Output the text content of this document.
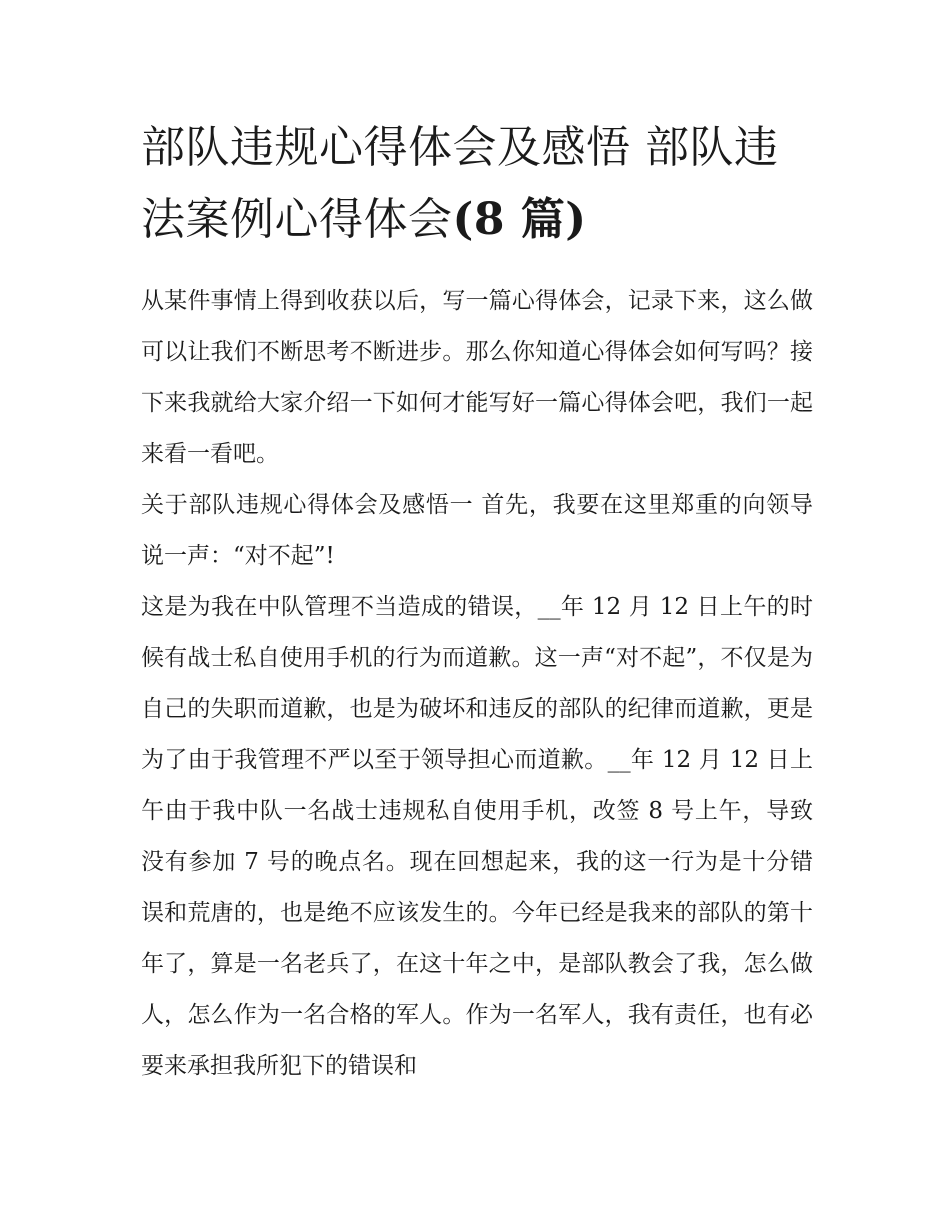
部队违规心得体会及感悟 部队违法案例心得体会(8 篇)

从某件事情上得到收获以后，写一篇心得体会，记录下来，这么做可以让我们不断思考不断进步。那么你知道心得体会如何写吗？接下来我就给大家介绍一下如何才能写好一篇心得体会吧，我们一起来看一看吧。

关于部队违规心得体会及感悟一 首先，我要在这里郑重的向领导说一声：“对不起”!

这是为我在中队管理不当造成的错误，__年 12 月 12 日上午的时候有战士私自使用手机的行为而道歉。这一声“对不起”，不仅是为自己的失职而道歉，也是为破坏和违反的部队的纪律而道歉，更是为了由于我管理不严以至于领导担心而道歉。__年 12 月 12 日上午由于我中队一名战士违规私自使用手机，改签 8 号上午，导致没有参加 7 号的晚点名。现在回想起来，我的这一行为是十分错误和荒唐的，也是绝不应该发生的。今年已经是我来的部队的第十年了，算是一名老兵了，在这十年之中，是部队教会了我，怎么做人，怎么作为一名合格的军人。作为一名军人，我有责任，也有必要来承担我所犯下的错误和
